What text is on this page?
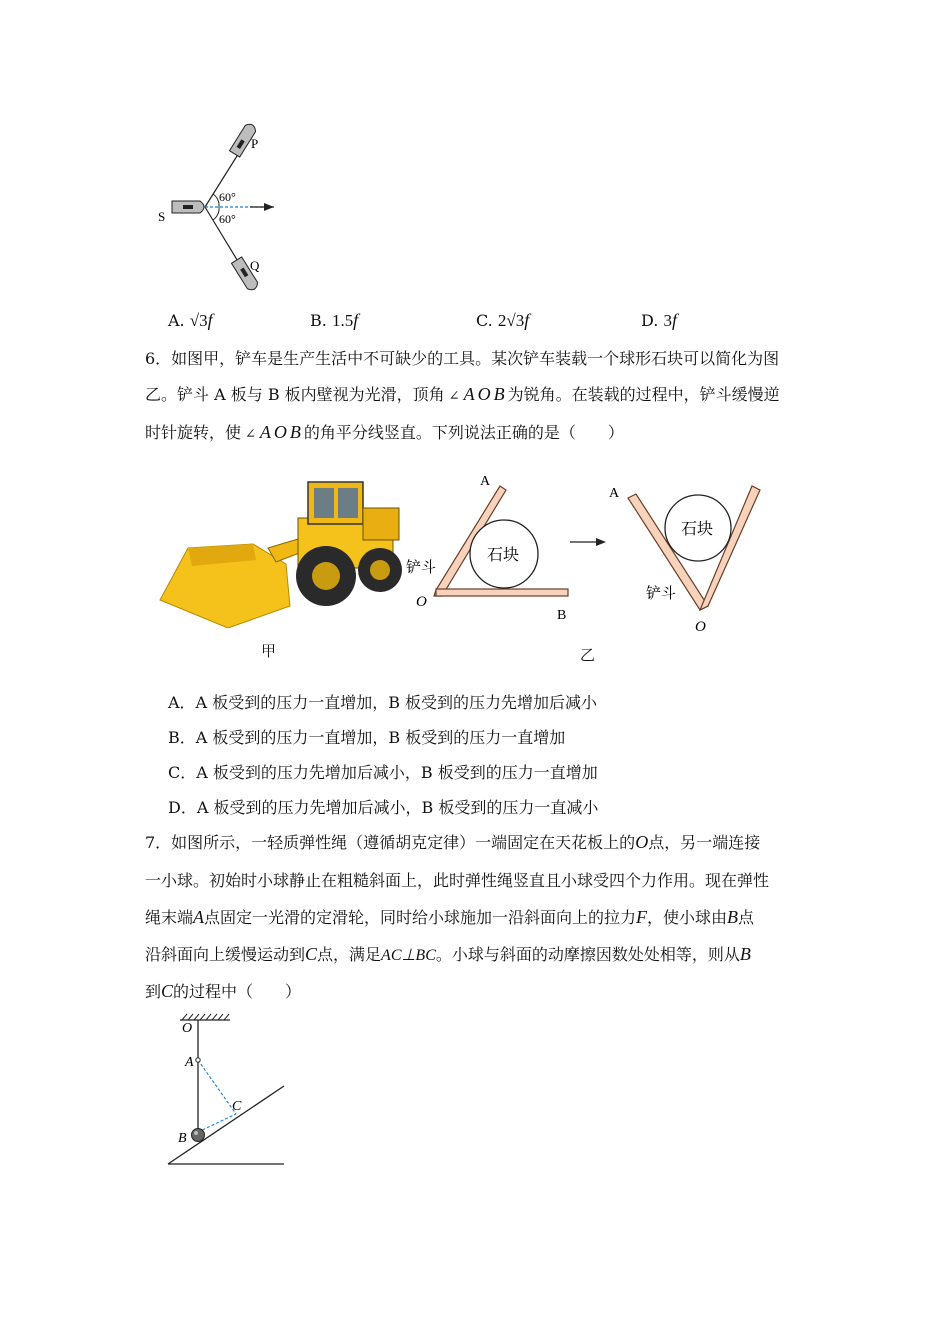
P
S
Q
60°
60°
A. √3f	B. 1.5f	C. 2√3f	D. 3f
6．如图甲，铲车是生产生活中不可缺少的工具。某次铲车装载一个球形石块可以简化为图
乙。铲斗 A 板与 B 板内壁视为光滑，顶角 ∠ AOB为锐角。在装载的过程中，铲斗缓慢逆
时针旋转，使 ∠ AOB的角平分线竖直。下列说法正确的是（　　）
甲
石块
A
B
O
铲斗
石块
A
O
铲斗
乙
A．A 板受到的压力一直增加，B 板受到的压力先增加后减小
B．A 板受到的压力一直增加，B 板受到的压力一直增加
C．A 板受到的压力先增加后减小，B 板受到的压力一直增加
D．A 板受到的压力先增加后减小，B 板受到的压力一直减小
7．如图所示，一轻质弹性绳（遵循胡克定律）一端固定在天花板上的O点，另一端连接
一小球。初始时小球静止在粗糙斜面上，此时弹性绳竖直且小球受四个力作用。现在弹性
绳末端A点固定一光滑的定滑轮，同时给小球施加一沿斜面向上的拉力F，使小球由B点
沿斜面向上缓慢运动到C点，满足AC⊥BC。小球与斜面的动摩擦因数处处相等，则从B
到C的过程中（　　）
O
A
C
B
